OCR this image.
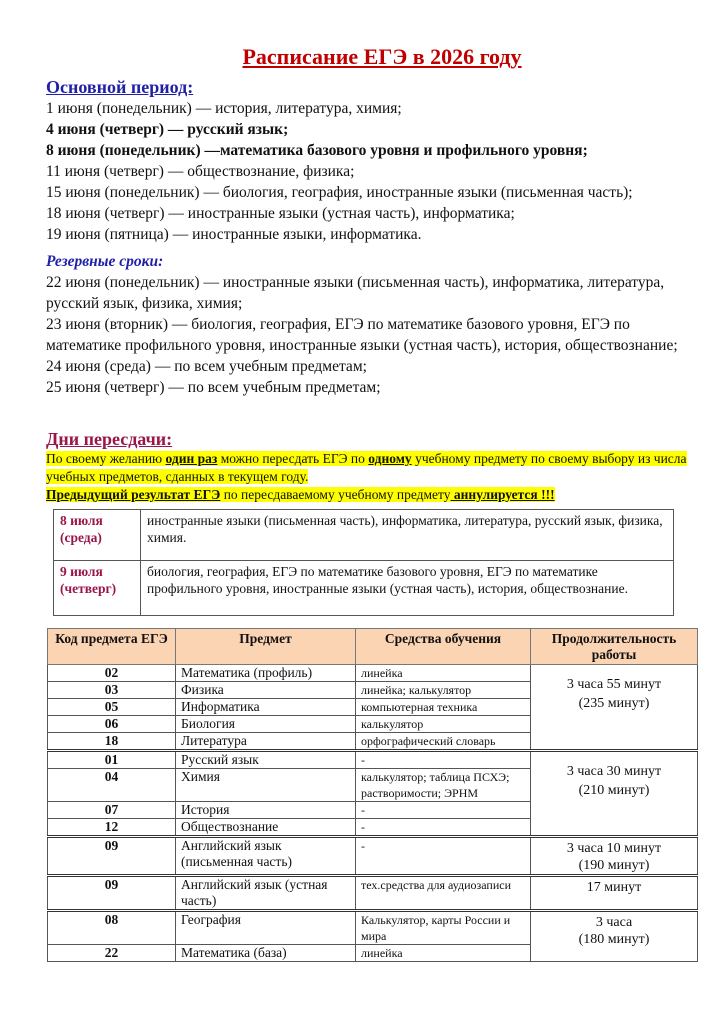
Расписание ЕГЭ в 2026 году
Основной период:
1 июня (понедельник) — история, литература, химия;
4 июня (четверг) — русский язык;
8 июня (понедельник) —математика базового уровня и профильного уровня;
11 июня (четверг) — обществознание, физика;
15 июня (понедельник) — биология, география, иностранные языки (письменная часть);
18 июня (четверг) — иностранные языки (устная часть), информатика;
19 июня (пятница) — иностранные языки, информатика.
Резервные сроки:
22 июня (понедельник) — иностранные языки (письменная часть), информатика, литература, русский язык, физика, химия;
23 июня (вторник) — биология, география, ЕГЭ по математике базового уровня, ЕГЭ по математике профильного уровня, иностранные языки (устная часть), история, обществознание;
24 июня (среда) — по всем учебным предметам;
25 июня (четверг) — по всем учебным предметам;
Дни пересдачи:
По своему желанию один раз можно пересдать ЕГЭ по одному учебному предмету по своему выбору из числа учебных предметов, сданных в текущем году.
Предыдущий результат ЕГЭ по пересдаваемому учебному предмету аннулируется !!!
8 июля
(среда)	иностранные языки (письменная часть), информатика, литература, русский язык, физика, химия.

9 июля
(четверг)	биология, география, ЕГЭ по математике базового уровня, ЕГЭ по математике профильного уровня, иностранные языки (устная часть), история, обществознание.
Код предмета ЕГЭ	Предмет	Средства обучения	Продолжительность работы
02	Математика (профиль)	линейка	3 часа 55 минут
(235 минут)

03	Физика	линейка; калькулятор	
05	Информатика	компьютерная техника	
06	Биология	калькулятор	
18	Литература	орфографический словарь	
01	Русский язык	-	3 часа 30 минут
(210 минут)

04	Химия	калькулятор; таблица ПСХЭ; растворимости; ЭРНМ	
07	История	-	
12	Обществознание	-	
09	Английский язык (письменная часть)	-	3 часа 10 минут
(190 минут)

09	Английский язык (устная часть)	тех.средства для аудиозаписи	17 минут

08	География	Калькулятор, карты России и мира	3 часа
(180 минут)

22	Математика (база)	линейка	
